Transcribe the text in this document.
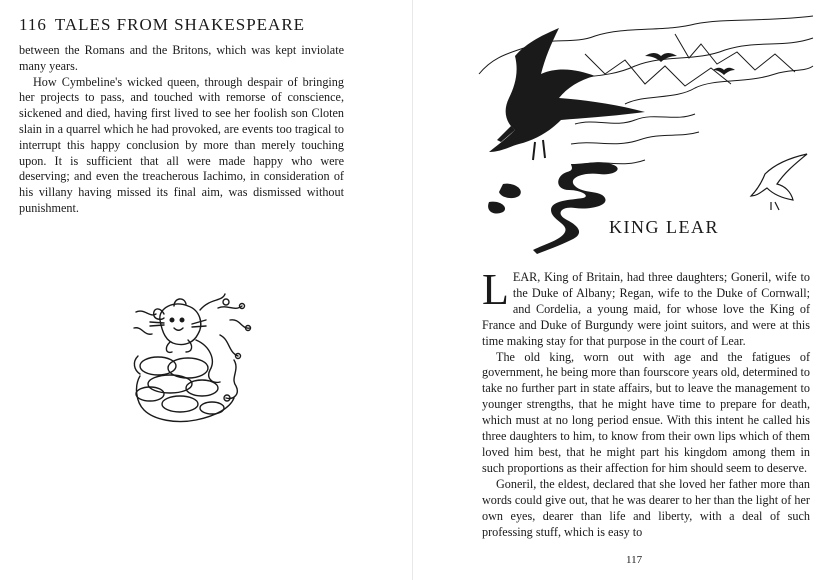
116 TALES FROM SHAKESPEARE

between the Romans and the Britons, which was kept inviolate many years.

How Cymbeline's wicked queen, through despair of bringing her projects to pass, and touched with remorse of conscience, sickened and died, having first lived to see her foolish son Cloten slain in a quarrel which he had provoked, are events too tragical to interrupt this happy conclusion by more than merely touching upon. It is sufficient that all were made happy who were deserving; and even the treacherous Iachimo, in consideration of his villany having missed its final aim, was dismissed without punishment.

KING LEAR

LEAR, King of Britain, had three daughters; Goneril, wife to the Duke of Albany; Regan, wife to the Duke of Cornwall; and Cordelia, a young maid, for whose love the King of France and Duke of Burgundy were joint suitors, and were at this time making stay for that purpose in the court of Lear.

The old king, worn out with age and the fatigues of government, he being more than fourscore years old, determined to take no further part in state affairs, but to leave the management to younger strengths, that he might have time to prepare for death, which must at no long period ensue. With this intent he called his three daughters to him, to know from their own lips which of them loved him best, that he might part his kingdom among them in such proportions as their affection for him should seem to deserve.

Goneril, the eldest, declared that she loved her father more than words could give out, that he was dearer to her than the light of her own eyes, dearer than life and liberty, with a deal of such professing stuff, which is easy to

117
